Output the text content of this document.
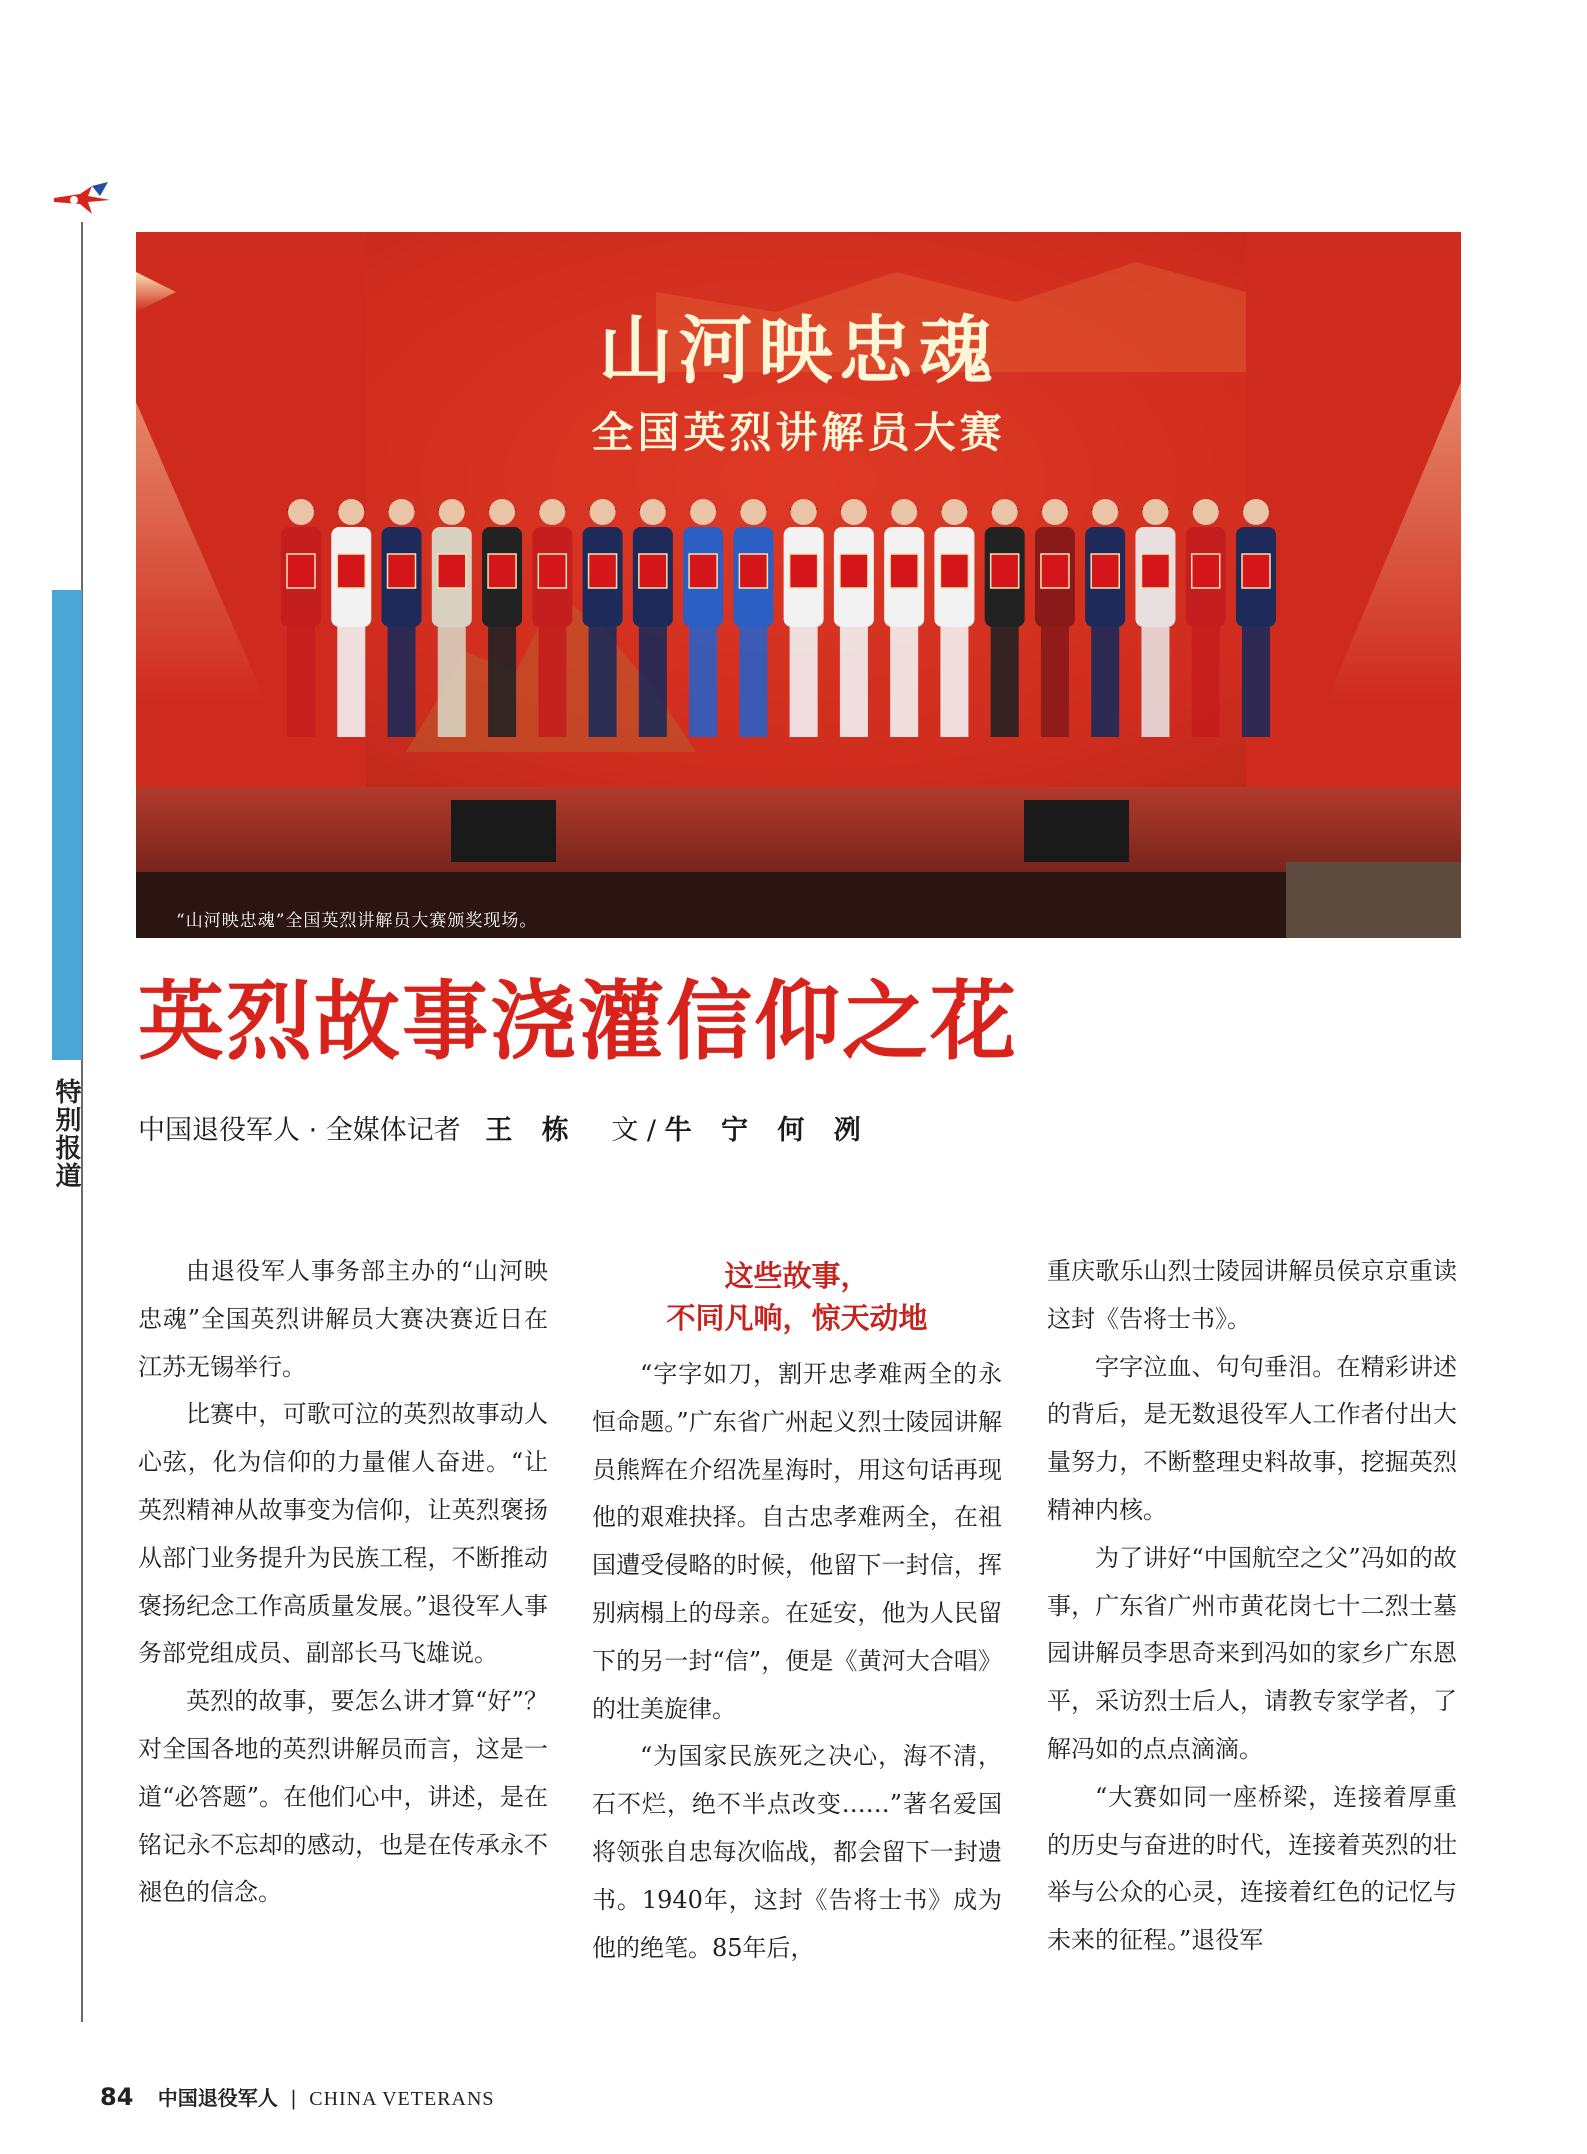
特别报道
山河映忠魂
全国英烈讲解员大赛
“山河映忠魂”全国英烈讲解员大赛颁奖现场。
英烈故事浇灌信仰之花
中国退役军人 · 全媒体记者 王 栋 文 / 牛 宁 何 冽

由退役军人事务部主办的“山河映忠魂”全国英烈讲解员大赛决赛近日在江苏无锡举行。

比赛中，可歌可泣的英烈故事动人心弦，化为信仰的力量催人奋进。“让英烈精神从故事变为信仰，让英烈褒扬从部门业务提升为民族工程，不断推动褒扬纪念工作高质量发展。”退役军人事务部党组成员、副部长马飞雄说。

英烈的故事，要怎么讲才算“好”？对全国各地的英烈讲解员而言，这是一道“必答题”。在他们心中，讲述，是在铭记永不忘却的感动，也是在传承永不褪色的信念。

这些故事，
不同凡响，惊天动地

“字字如刀，割开忠孝难两全的永恒命题。”广东省广州起义烈士陵园讲解员熊辉在介绍冼星海时，用这句话再现他的艰难抉择。自古忠孝难两全，在祖国遭受侵略的时候，他留下一封信，挥别病榻上的母亲。在延安，他为人民留下的另一封“信”，便是《黄河大合唱》的壮美旋律。

“为国家民族死之决心，海不清，石不烂，绝不半点改变……”著名爱国将领张自忠每次临战，都会留下一封遗书。1940年，这封《告将士书》成为他的绝笔。85年后，

重庆歌乐山烈士陵园讲解员侯京京重读这封《告将士书》。

字字泣血、句句垂泪。在精彩讲述的背后，是无数退役军人工作者付出大量努力，不断整理史料故事，挖掘英烈精神内核。

为了讲好“中国航空之父”冯如的故事，广东省广州市黄花岗七十二烈士墓园讲解员李思奇来到冯如的家乡广东恩平，采访烈士后人，请教专家学者，了解冯如的点点滴滴。

“大赛如同一座桥梁，连接着厚重的历史与奋进的时代，连接着英烈的壮举与公众的心灵，连接着红色的记忆与未来的征程。”退役军

84 中国退役军人 | CHINA VETERANS
